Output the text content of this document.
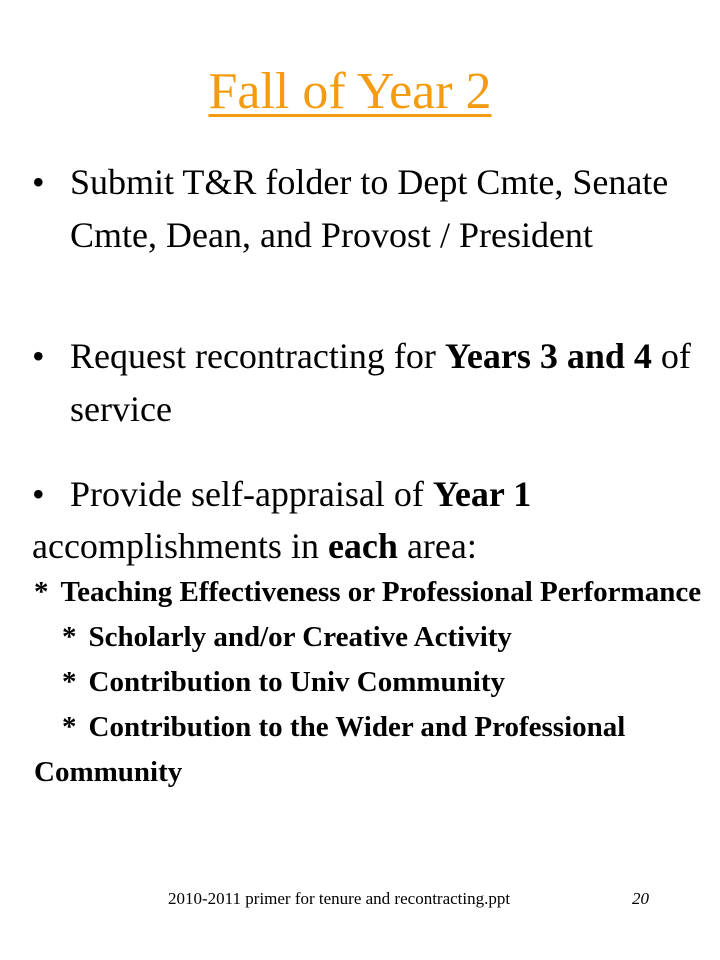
Fall of Year 2
• Submit T&R folder to Dept Cmte, Senate Cmte, Dean, and Provost / President

• Request recontracting for Years 3 and 4 of service

• Provide self-appraisal of Year 1 accomplishments in each area:

* Teaching Effectiveness or Professional Performance
* Scholarly and/or Creative Activity
* Contribution to Univ Community
* Contribution to the Wider and Professional Community
2010-2011 primer for tenure and recontracting.ppt	20
